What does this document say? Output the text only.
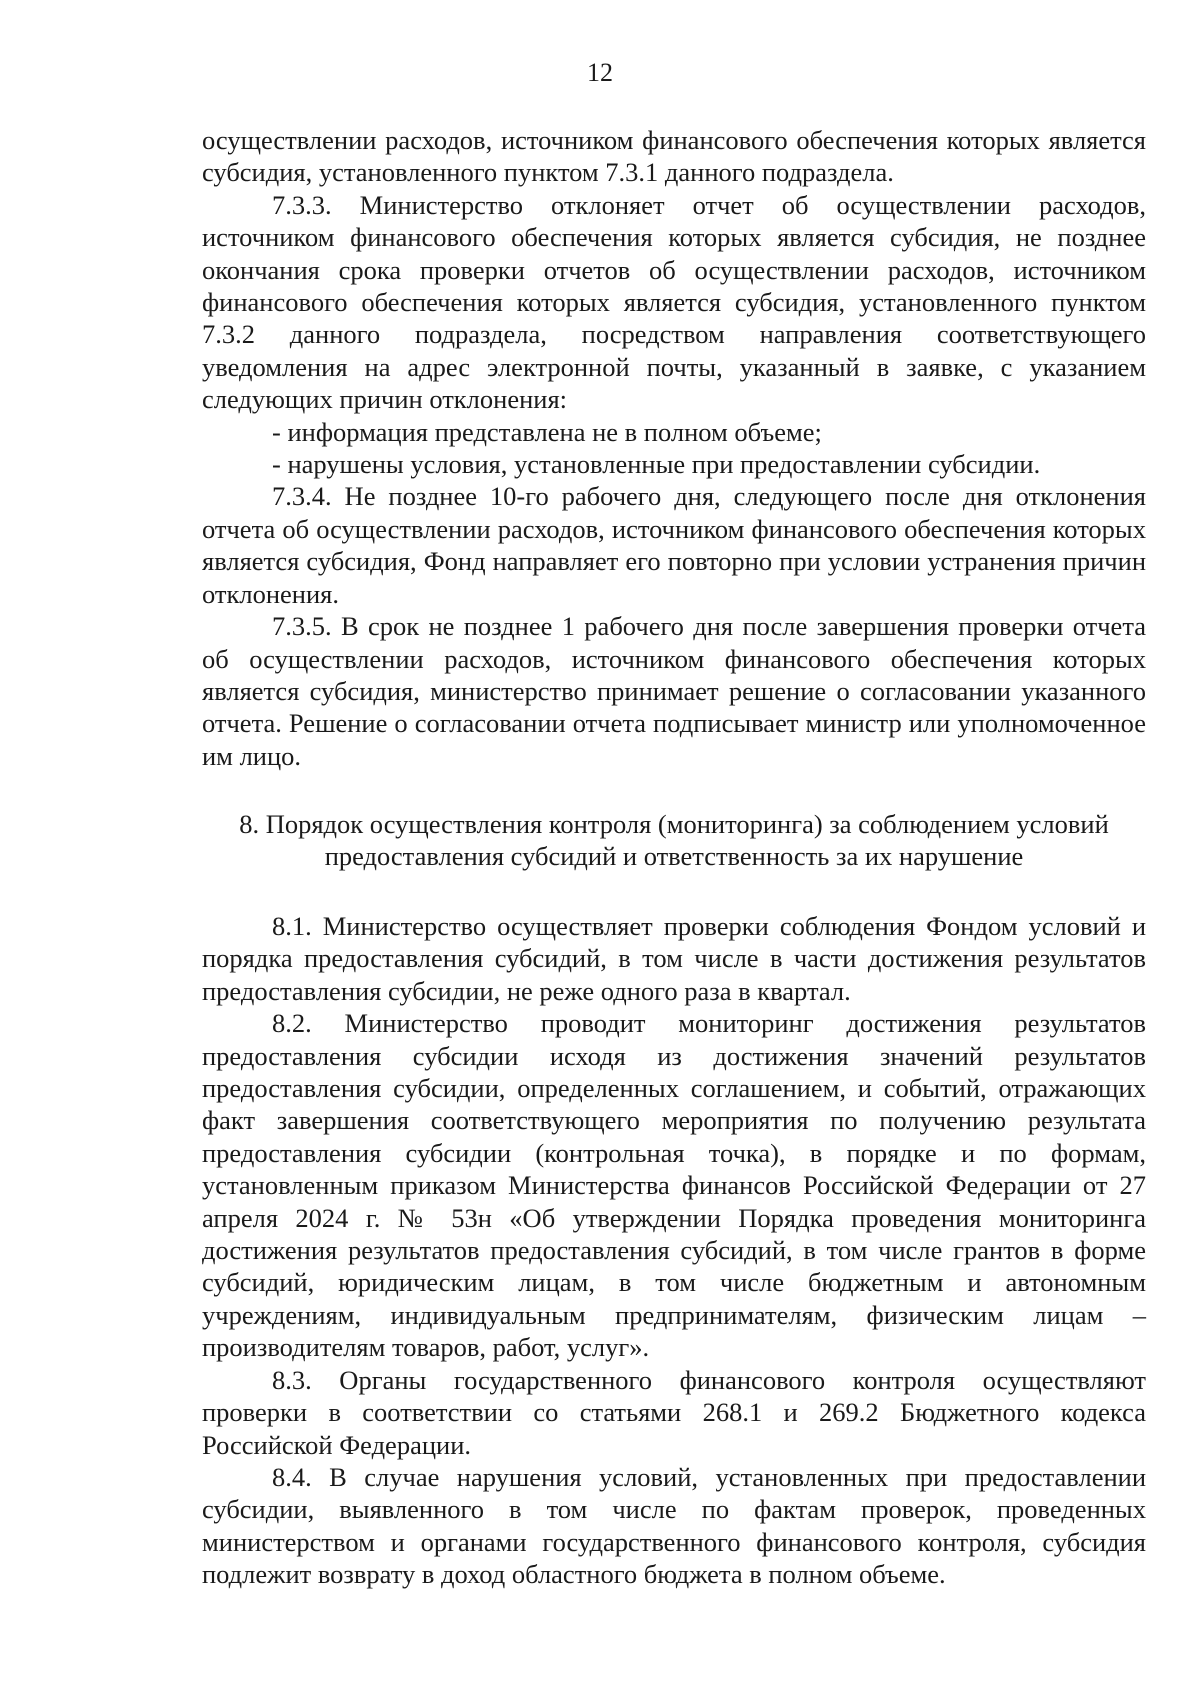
12

осуществлении расходов, источником финансового обеспечения которых является субсидия, установленного пунктом 7.3.1 данного подраздела.

7.3.3. Министерство отклоняет отчет об осуществлении расходов, источником финансового обеспечения которых является субсидия, не позднее окончания срока проверки отчетов об осуществлении расходов, источником финансового обеспечения которых является субсидия, установленного пунктом 7.3.2 данного подраздела, посредством направления соответствующего уведомления на адрес электронной почты, указанный в заявке, с указанием следующих причин отклонения:

- информация представлена не в полном объеме;

- нарушены условия, установленные при предоставлении субсидии.

7.3.4. Не позднее 10-го рабочего дня, следующего после дня отклонения отчета об осуществлении расходов, источником финансового обеспечения которых является субсидия, Фонд направляет его повторно при условии устранения причин отклонения.

7.3.5. В срок не позднее 1 рабочего дня после завершения проверки отчета об осуществлении расходов, источником финансового обеспечения которых является субсидия, министерство принимает решение о согласовании указанного отчета. Решение о согласовании отчета подписывает министр или уполномоченное им лицо.

8. Порядок осуществления контроля (мониторинга) за соблюдением условий
предоставления субсидий и ответственность за их нарушение

8.1. Министерство осуществляет проверки соблюдения Фондом условий и порядка предоставления субсидий, в том числе в части достижения результатов предоставления субсидии, не реже одного раза в квартал.

8.2. Министерство проводит мониторинг достижения результатов предоставления субсидии исходя из достижения значений результатов предоставления субсидии, определенных соглашением, и событий, отражающих факт завершения соответствующего мероприятия по получению результата предоставления субсидии (контрольная точка), в порядке и по формам, установленным приказом Министерства финансов Российской Федерации от 27 апреля 2024 г. № 53н «Об утверждении Порядка проведения мониторинга достижения результатов предоставления субсидий, в том числе грантов в форме субсидий, юридическим лицам, в том числе бюджетным и автономным учреждениям, индивидуальным предпринимателям, физическим лицам – производителям товаров, работ, услуг».

8.3. Органы государственного финансового контроля осуществляют проверки в соответствии со статьями 268.1 и 269.2 Бюджетного кодекса Российской Федерации.

8.4. В случае нарушения условий, установленных при предоставлении субсидии, выявленного в том числе по фактам проверок, проведенных министерством и органами государственного финансового контроля, субсидия подлежит возврату в доход областного бюджета в полном объеме.
